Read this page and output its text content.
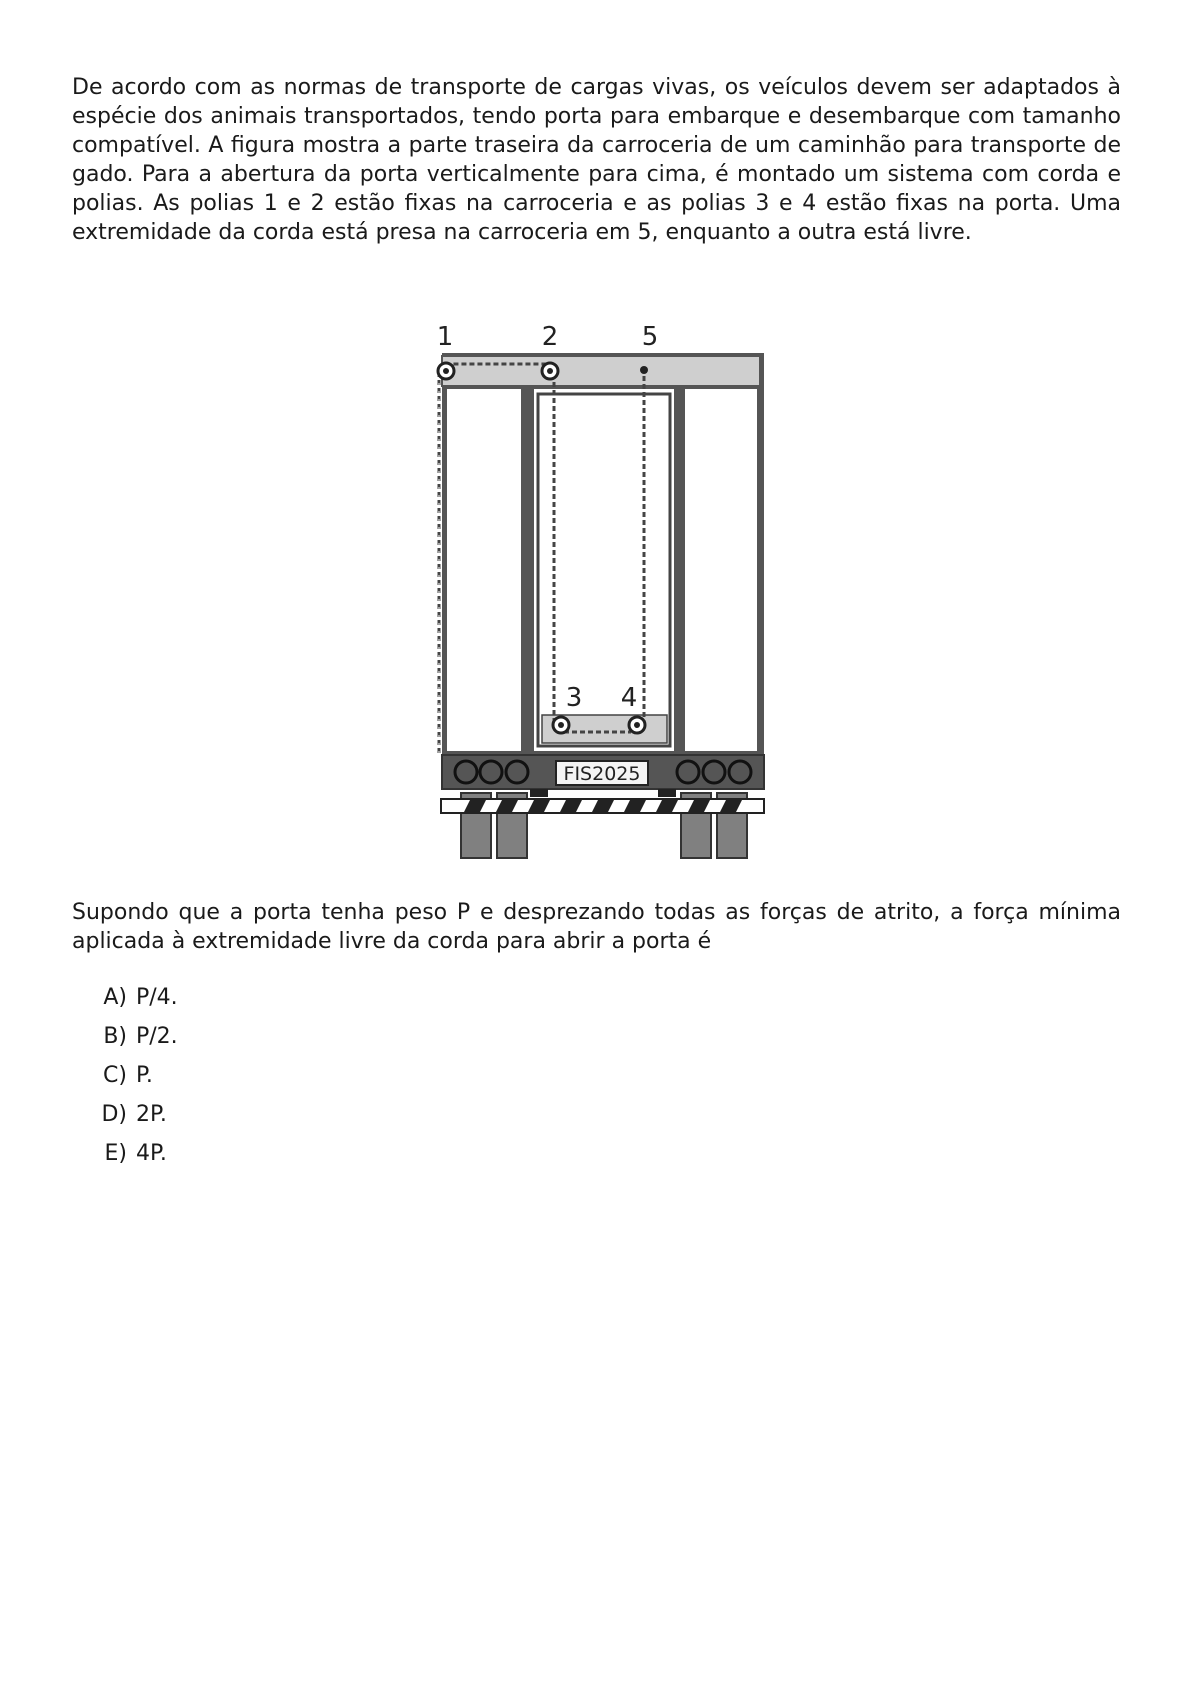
De acordo com as normas de transporte de cargas vivas, os veículos devem ser adaptados à espécie dos animais transportados, tendo porta para embarque e desembarque com tamanho compatível. A figura mostra a parte traseira da carroceria de um caminhão para transporte de gado. Para a abertura da porta verticalmente para cima, é montado um sistema com corda e polias. As polias 1 e 2 estão fixas na carroceria e as polias 3 e 4 estão fixas na porta. Uma extremidade da corda está presa na carroceria em 5, enquanto a outra está livre.

1	2	5
3 4
FIS2025

Supondo que a porta tenha peso P e desprezando todas as forças de atrito, a força mínima aplicada à extremidade livre da corda para abrir a porta é

A) P/4.
B) P/2.
C) P.
D) 2P.
E) 4P.
